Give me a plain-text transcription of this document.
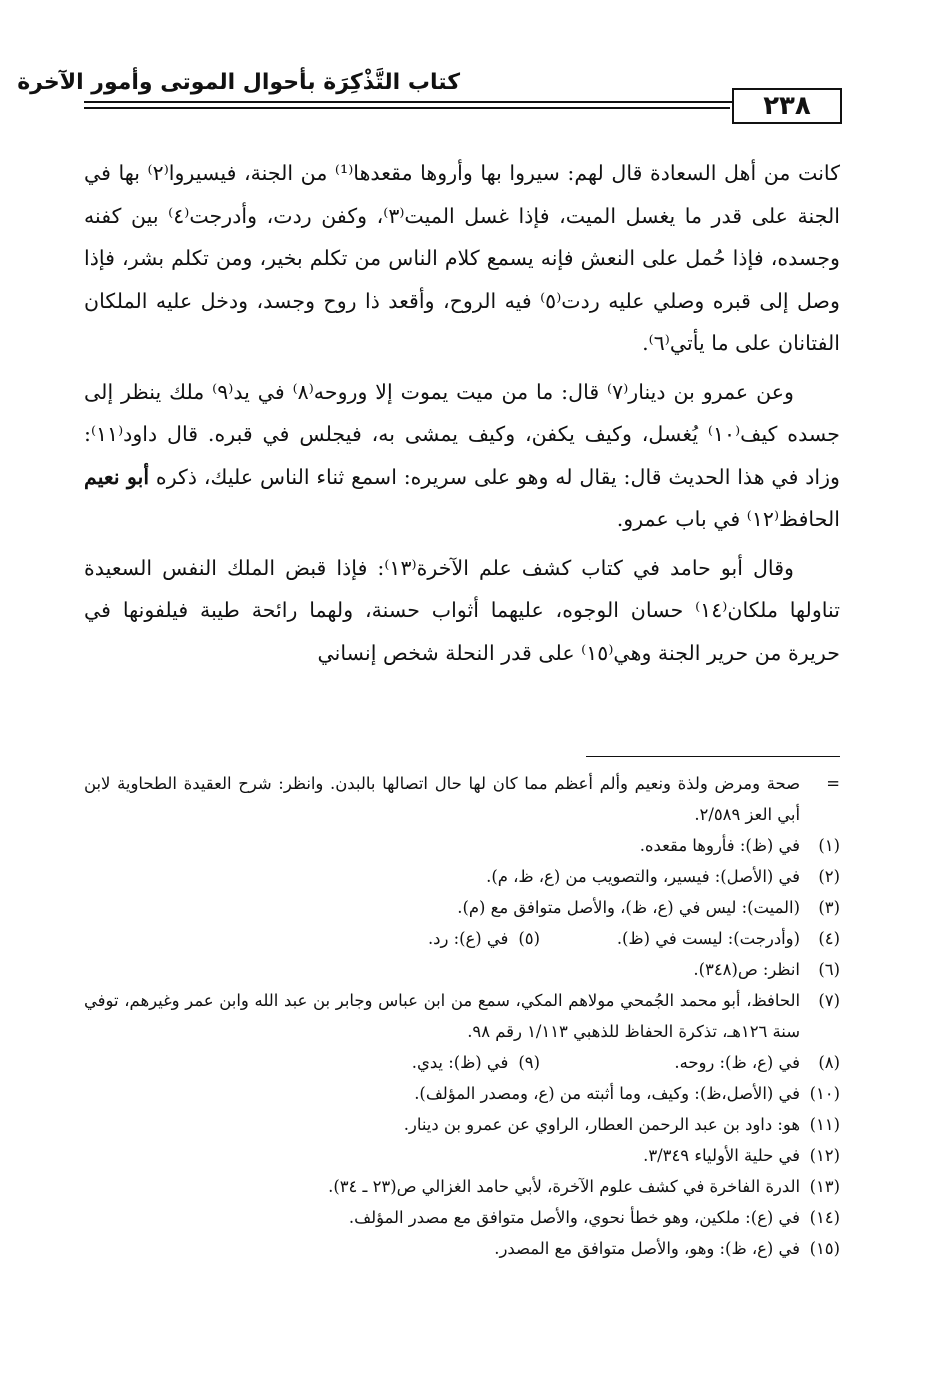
كتاب التَّذْكِرَة بأحوال الموتى وأمور الآخرة
٢٣٨

كانت من أهل السعادة قال لهم: سيروا بها وأروها مقعدها⁽¹⁾ من الجنة، فيسيروا⁽٢⁾ بها في الجنة على قدر ما يغسل الميت، فإذا غسل الميت⁽٣⁾، وكفن ردت، وأدرجت⁽٤⁾ بين كفنه وجسده، فإذا حُمل على النعش فإنه يسمع كلام الناس من تكلم بخير، ومن تكلم بشر، فإذا وصل إلى قبره وصلي عليه ردت⁽٥⁾ فيه الروح، وأقعد ذا روح وجسد، ودخل عليه الملكان الفتانان على ما يأتي⁽٦⁾.

وعن عمرو بن دينار⁽٧⁾ قال: ما من ميت يموت إلا وروحه⁽٨⁾ في يد⁽٩⁾ ملك ينظر إلى جسده كيف⁽١٠⁾ يُغسل، وكيف يكفن، وكيف يمشى به، فيجلس في قبره. قال داود⁽١١⁾: وزاد في هذا الحديث قال: يقال له وهو على سريره: اسمع ثناء الناس عليك، ذكره أبو نعيم الحافظ⁽١٢⁾ في باب عمرو.

وقال أبو حامد في كتاب كشف علم الآخرة⁽١٣⁾: فإذا قبض الملك النفس السعيدة تناولها ملكان⁽١٤⁾ حسان الوجوه، عليهما أثواب حسنة، ولهما رائحة طيبة فيلفونها في حريرة من حرير الجنة وهي⁽١٥⁾ على قدر النحلة شخص إنساني

=
صحة ومرض ولذة ونعيم وألم أعظم مما كان لها حال اتصالها بالبدن. وانظر: شرح العقيدة الطحاوية لابن أبي العز ٢/٥٨٩.
(١)
في (ظ): فأروها مقعده.
(٢)
في (الأصل): فيسير، والتصويب من (ع، ظ، م).
(٣)
(الميت): ليس في (ع، ظ)، والأصل متوافق مع (م).
(٤)
(وأدرجت): ليست في (ظ).
(٥)في (ع): رد.
(٦)
انظر: ص(٣٤٨).
(٧)
الحافظ، أبو محمد الجُمحي مولاهم المكي، سمع من ابن عباس وجابر بن عبد الله وابن عمر وغيرهم، توفي سنة ١٢٦هـ، تذكرة الحفاظ للذهبي ١/١١٣ رقم ٩٨.
(٨)
في (ع، ظ): روحه.
(٩)في (ظ): يدي.
(١٠)
في (الأصل،ظ): وكيف، وما أثبته من (ع، ومصدر المؤلف).
(١١)
هو: داود بن عبد الرحمن العطار، الراوي عن عمرو بن دينار.
(١٢)
في حلية الأولياء ٣/٣٤٩.
(١٣)
الدرة الفاخرة في كشف علوم الآخرة، لأبي حامد الغزالي ص(٢٣ ـ ٣٤).
(١٤)
في (ع): ملكين، وهو خطأ نحوي، والأصل متوافق مع مصدر المؤلف.
(١٥)
في (ع، ظ): وهو، والأصل متوافق مع المصدر.
